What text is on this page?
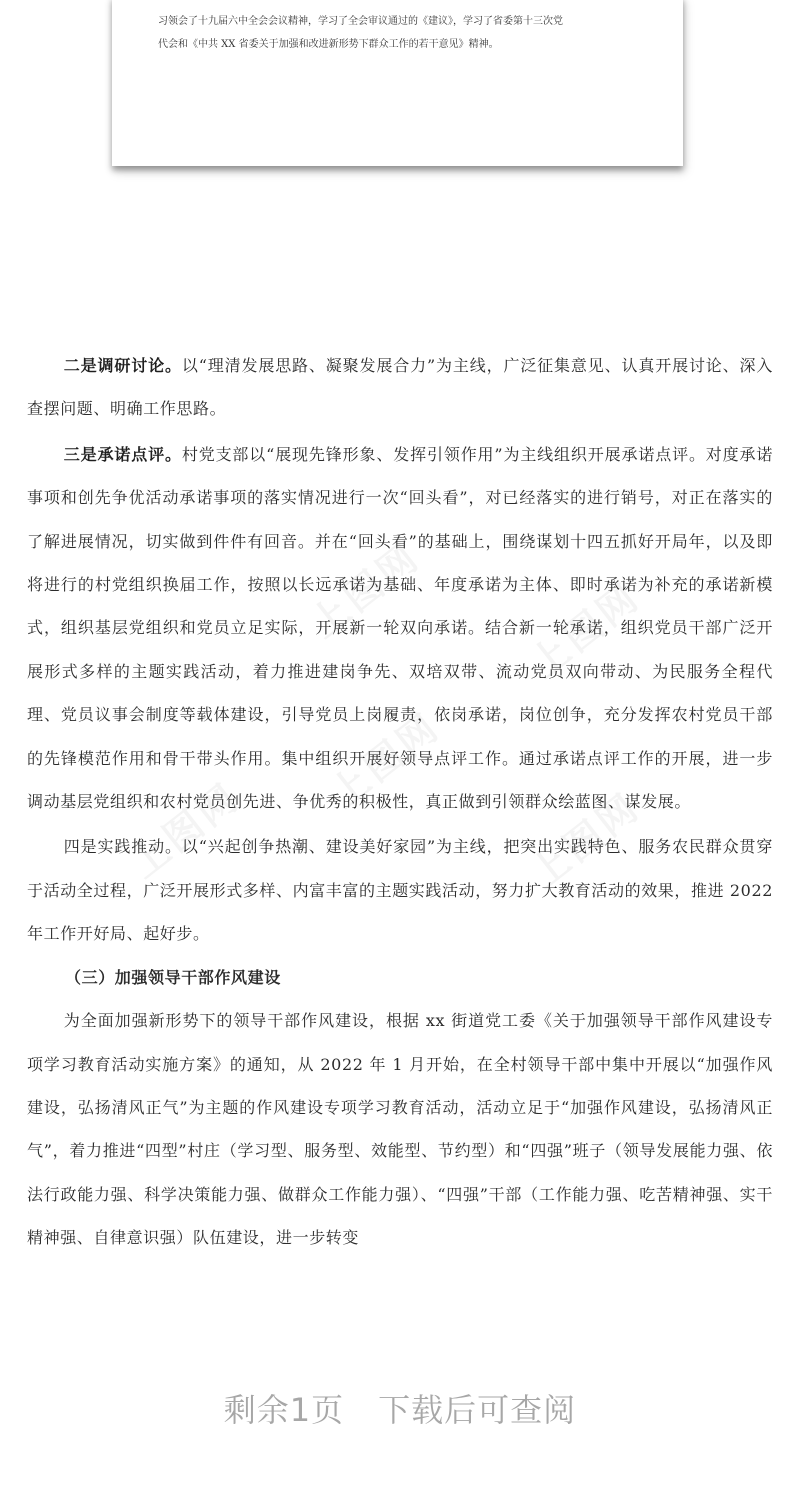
习领会了十九届六中全会会议精神，学习了全会审议通过的《建议》，学习了省委第十三次党

代会和《中共 XX 省委关于加强和改进新形势下群众工作的若干意见》精神。

上图网 上图网
上图网
上图网
上图网

二是调研讨论。以“理清发展思路、凝聚发展合力”为主线，广泛征集意见、认真开展讨论、深入查摆问题、明确工作思路。

三是承诺点评。村党支部以“展现先锋形象、发挥引领作用”为主线组织开展承诺点评。对度承诺事项和创先争优活动承诺事项的落实情况进行一次“回头看”，对已经落实的进行销号，对正在落实的了解进展情况，切实做到件件有回音。并在“回头看”的基础上，围绕谋划十四五抓好开局年，以及即将进行的村党组织换届工作，按照以长远承诺为基础、年度承诺为主体、即时承诺为补充的承诺新模式，组织基层党组织和党员立足实际，开展新一轮双向承诺。结合新一轮承诺，组织党员干部广泛开展形式多样的主题实践活动，着力推进建岗争先、双培双带、流动党员双向带动、为民服务全程代理、党员议事会制度等载体建设，引导党员上岗履责，依岗承诺，岗位创争，充分发挥农村党员干部的先锋模范作用和骨干带头作用。集中组织开展好领导点评工作。通过承诺点评工作的开展，进一步调动基层党组织和农村党员创先进、争优秀的积极性，真正做到引领群众绘蓝图、谋发展。

四是实践推动。以“兴起创争热潮、建设美好家园”为主线，把突出实践特色、服务农民群众贯穿于活动全过程，广泛开展形式多样、内富丰富的主题实践活动，努力扩大教育活动的效果，推进 2022 年工作开好局、起好步。

（三）加强领导干部作风建设

为全面加强新形势下的领导干部作风建设，根据 xx 街道党工委《关于加强领导干部作风建设专项学习教育活动实施方案》的通知，从 2022 年 1 月开始，在全村领导干部中集中开展以“加强作风建设，弘扬清风正气”为主题的作风建设专项学习教育活动，活动立足于“加强作风建设，弘扬清风正气”，着力推进“四型”村庄（学习型、服务型、效能型、节约型）和“四强”班子（领导发展能力强、依法行政能力强、科学决策能力强、做群众工作能力强）、“四强”干部（工作能力强、吃苦精神强、实干精神强、自律意识强）队伍建设，进一步转变

剩余1页 下载后可查阅
